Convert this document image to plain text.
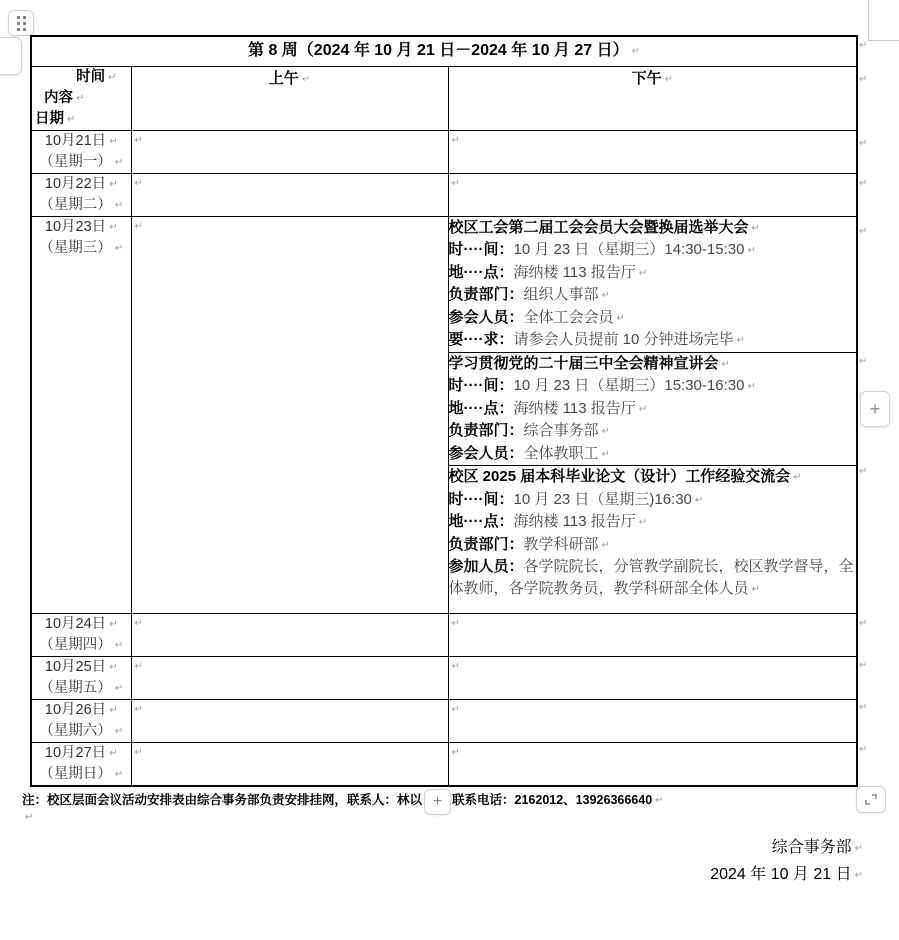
第 8 周（2024 年 10 月 21 日－2024 年 10 月 27 日） ↵		

时间 ↵
内容 ↵
日期 ↵	上午 ↵	下午 ↵

10月21日 ↵
（星期一） ↵	↵	↵

10月22日 ↵
（星期二） ↵	↵	↵

10月23日 ↵
（星期三） ↵
	↵	校区工会第二届工会会员大会暨换届选举大会 ↵
时····间：10 月 23 日（星期三）14:30-15:30 ↵
地····点：海纳楼 113 报告厅 ↵
负责部门：组织人事部 ↵
参会人员：全体工会会员 ↵
要····求：请参会人员提前 10 分钟进场完毕 ↵

		学习贯彻党的二十届三中全会精神宣讲会 ↵
时····间：10 月 23 日（星期三）15:30-16:30 ↵
地····点：海纳楼 113 报告厅 ↵
负责部门：综合事务部 ↵
参会人员：全体教职工 ↵

		校区 2025 届本科毕业论文（设计）工作经验交流会 ↵
时····间：10 月 23 日（星期三)16:30 ↵
地····点：海纳楼 113 报告厅 ↵
负责部门：教学科研部 ↵
参加人员：各学院院长，分管教学副院长，校区教学督导，全体教师，各学院教务员，教学科研部全体人员 ↵

10月24日 ↵
（星期四） ↵	↵	↵

10月25日 ↵
（星期五） ↵	↵	↵

10月26日 ↵
（星期六） ↵	↵	↵

10月27日 ↵
（星期日） ↵	↵	↵
↵
↵
↵
↵
↵
↵
↵
↵
↵
↵
↵
注：校区层面会议活动安排表由综合事务部负责安排挂网，联系人：林以 联系电话：2162012、13926366640 ↵
+
↵
+
综合事务部 ↵
2024 年 10 月 21 日 ↵
